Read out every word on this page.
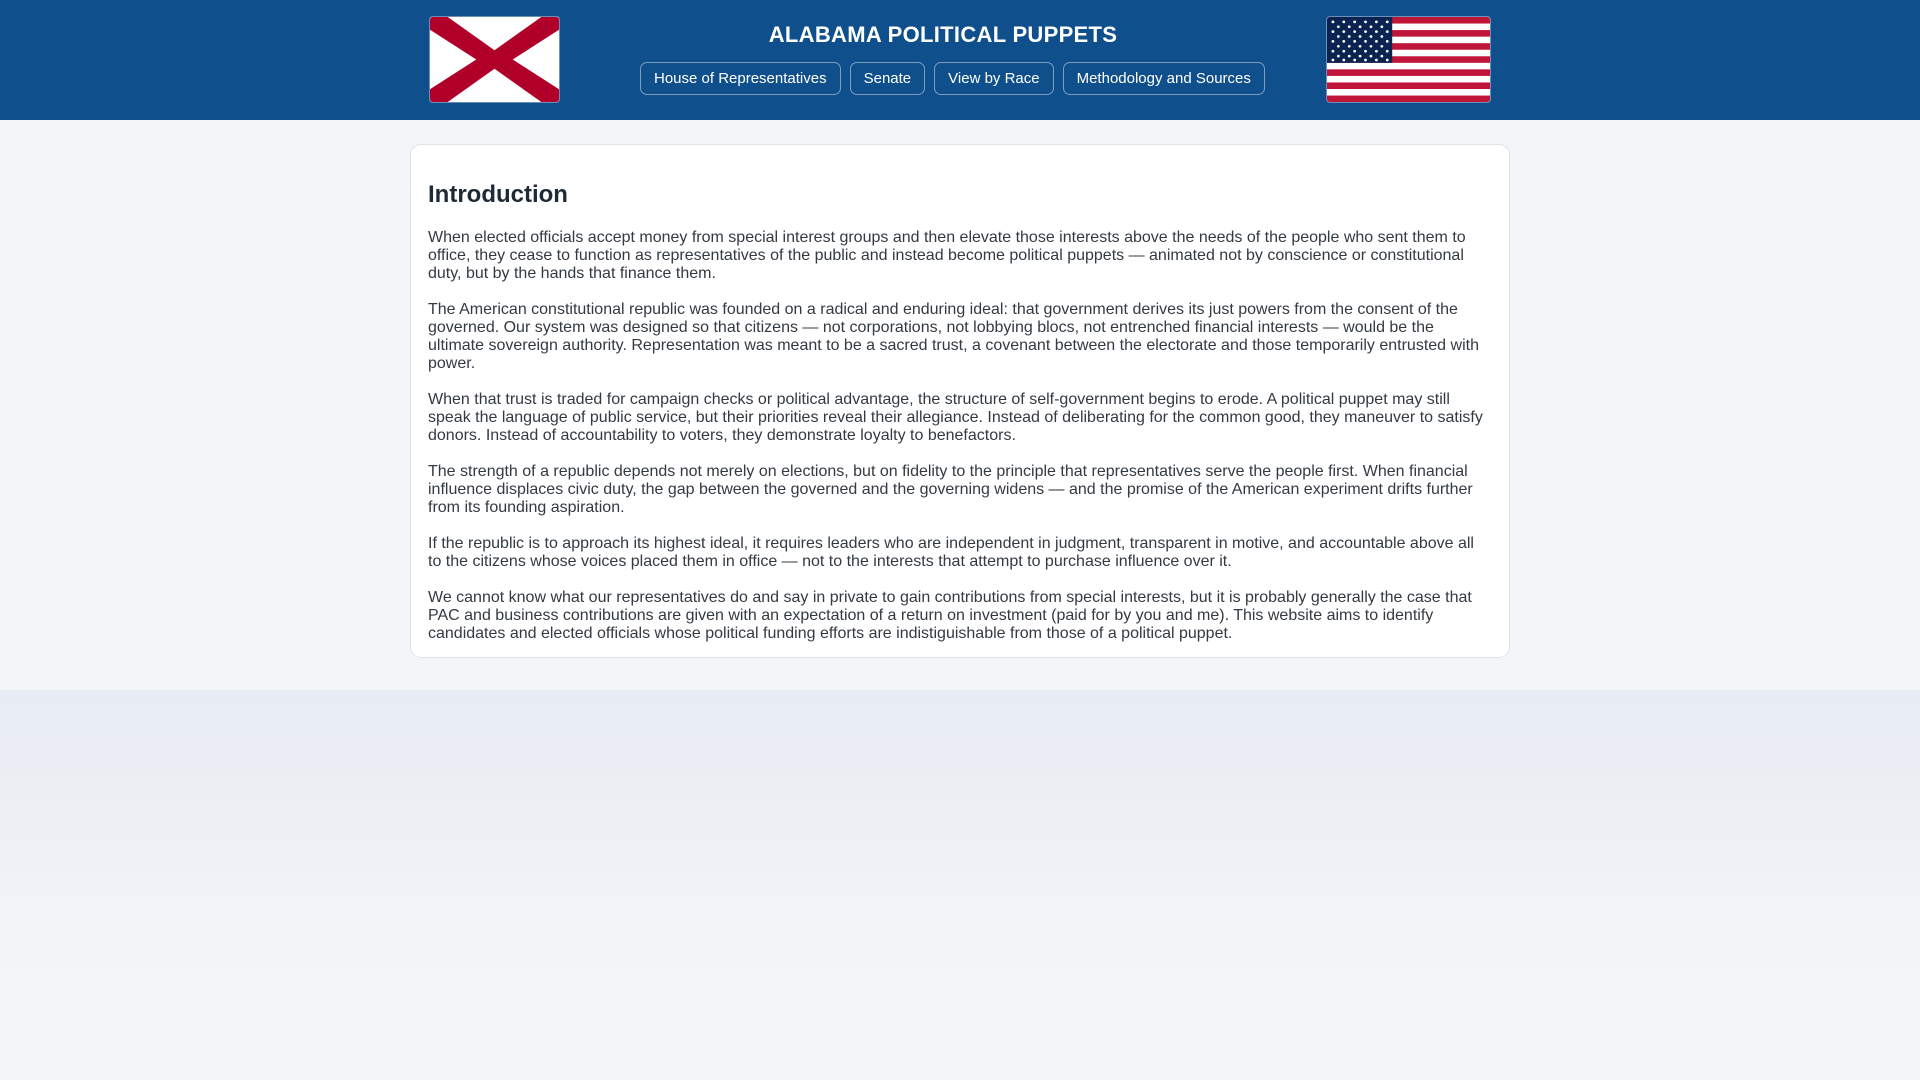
ALABAMA POLITICAL PUPPETS
House of Representatives	Senate	View by Race	Methodology and Sources
Introduction

When elected officials accept money from special interest groups and then elevate those interests above the needs of the people who sent them to office, they cease to function as representatives of the public and instead become political puppets — animated not by conscience or constitutional duty, but by the hands that finance them.

The American constitutional republic was founded on a radical and enduring ideal: that government derives its just powers from the consent of the governed. Our system was designed so that citizens — not corporations, not lobbying blocs, not entrenched financial interests — would be the ultimate sovereign authority. Representation was meant to be a sacred trust, a covenant between the electorate and those temporarily entrusted with power.

When that trust is traded for campaign checks or political advantage, the structure of self-government begins to erode. A political puppet may still speak the language of public service, but their priorities reveal their allegiance. Instead of deliberating for the common good, they maneuver to satisfy donors. Instead of accountability to voters, they demonstrate loyalty to benefactors.

The strength of a republic depends not merely on elections, but on fidelity to the principle that representatives serve the people first. When financial influence displaces civic duty, the gap between the governed and the governing widens — and the promise of the American experiment drifts further from its founding aspiration.

If the republic is to approach its highest ideal, it requires leaders who are independent in judgment, transparent in motive, and accountable above all to the citizens whose voices placed them in office — not to the interests that attempt to purchase influence over it.

We cannot know what our representatives do and say in private to gain contributions from special interests, but it is probably generally the case that PAC and business contributions are given with an expectation of a return on investment (paid for by you and me). This website aims to identify candidates and elected officials whose political funding efforts are indistiguishable from those of a political puppet.
